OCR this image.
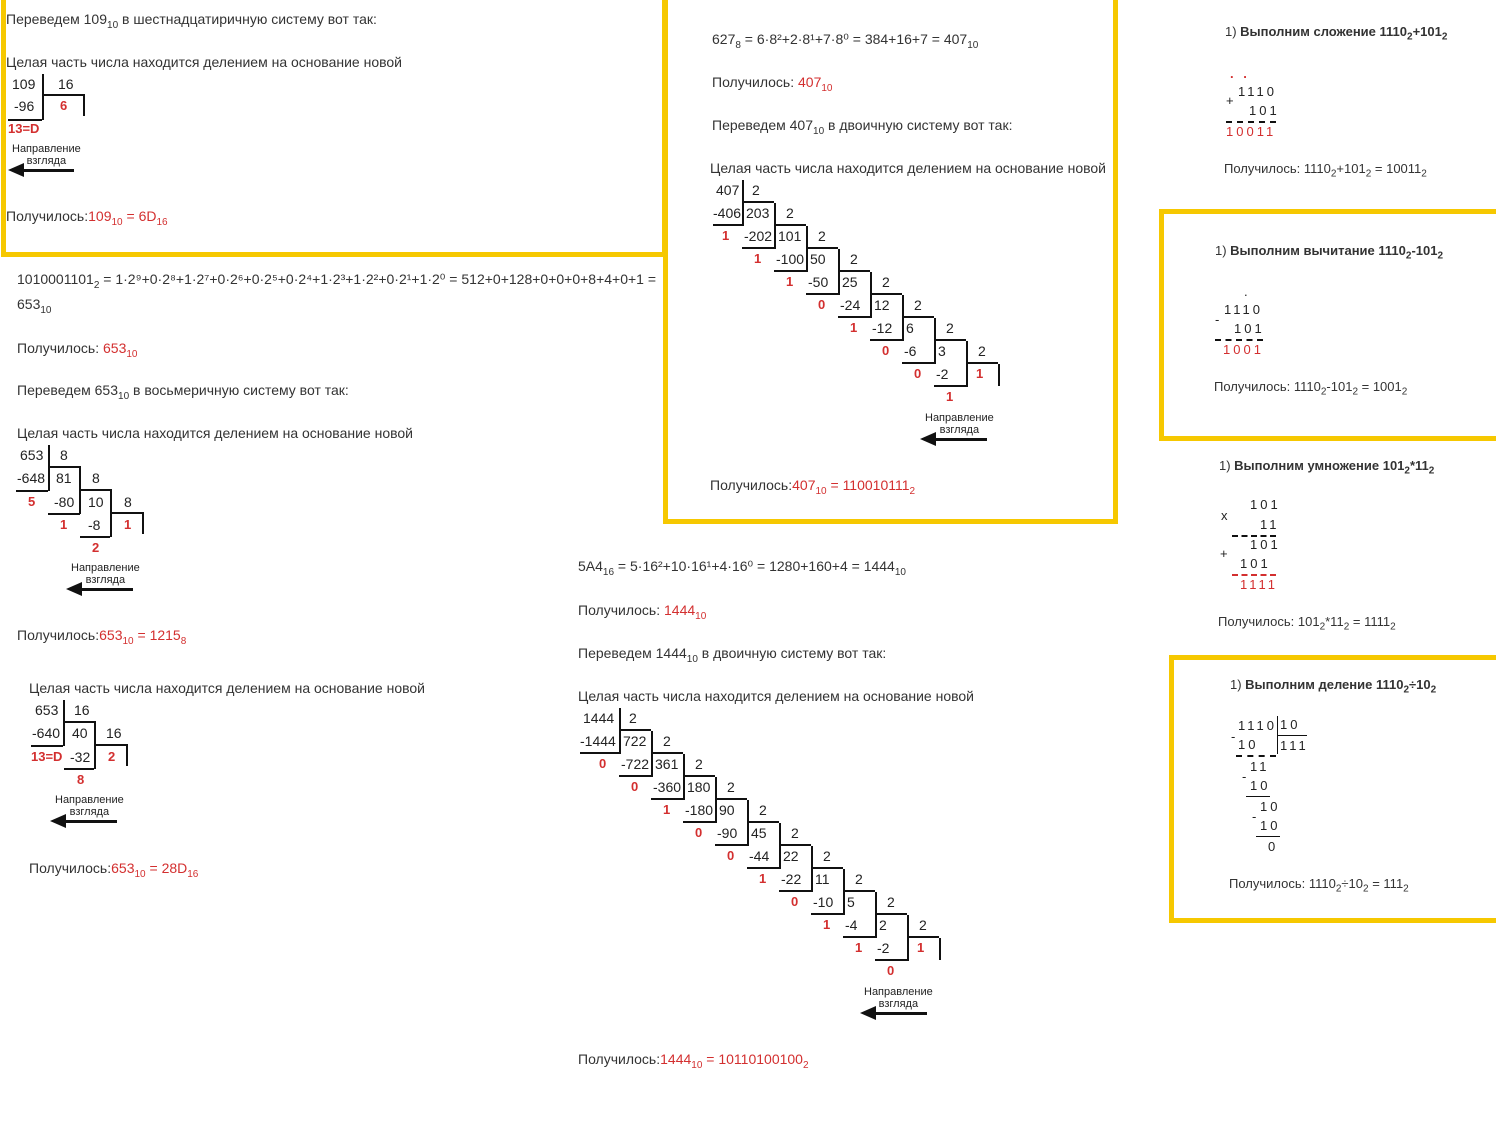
Переведем $109_{10}$ в шестнадцатиричную систему вот так:
Целая часть числа находится делением на основание новой
109 16
-96 6
13=D
Направление
взгляда
$Получилось:109_{10} = 6D_{16}$
$1010001101_2 = 1\cdot 2^9+0\cdot 2^8+1\cdot 2^7+0\cdot 2^6+0\cdot 2^5+0\cdot 2^4+1\cdot 2^3+1\cdot 2^2+0\cdot 2^1+1\cdot 2^0 = 512+0+128+0+0+0+8+4+0+1$ =
$653_{10}$
Получилось: $653_{10}$
Переведем $653_{10}$ в восьмеричную систему вот так:
Целая часть числа находится делением на основание новой
653 8
-648 81 8
5 -80 10 8
1 -8 1
2
Направление
взгляда
$Получилось:653_{10} = 1215_8$
Целая часть числа находится делением на основание новой
653 16
-640 40 16
13=D -32 2
8
Направление
взгляда
$Получилось:653_{10} = 28D_{16}$
$627_8 = 6\cdot 8^2+2\cdot 8^1+7\cdot 8^0 = 384+16+7 = 407_{10}$
Получилось: $407_{10}$
Переведем $407_{10}$ в двоичную систему вот так:
Целая часть числа находится делением на основание новой
407 2
-406 203 2
1 -202 101 2
1 -100 50 2
1 -50 25 2
0 -24 12 2
1 -12 6 2
0 -6 3 2
0 -2 1
1
Направление
взгляда
$Получилось:407_{10} = 110010111_2$
$5A4_{16} = 5\cdot 16^2+10\cdot 16^1+4\cdot 16^0 = 1280+160+4 = 1444_{10}$
Получилось: $1444_{10}$
Переведем $1444_{10}$ в двоичную систему вот так:
Целая часть числа находится делением на основание новой
1444 2
-1444 722 2
0 -722 361 2
0 -360 180 2
1 -180 90 2
0 -90 45 2
0 -44 22 2
1 -22 11 2
0 -10 5 2
1 -4 2 2
1 -2 1
0
Направление
взгляда
$Получилось:1444_{10} = 10110100100_2$
1) Выполним сложение $1110_2+101_2$
. .
+
1110
101
10011
Получилось: $1110_2+101_2 = 10011_2$
1) Выполним вычитание $1110_2-101_2$
.
-
1110
101
1001
Получилось: $1110_2-101_2 = 1001_2$
1) Выполним умножение $101_2*11_2$
x
101
11
101
+
101
1111
Получилось: $101_2*11_2 = 1111_2$
1) Выполним деление $1110_2\div 10_2$
1110 10
111
-
10
11
-
10
10
-
10
0
Получилось: $1110_2\div 10_2 = 111_2$
